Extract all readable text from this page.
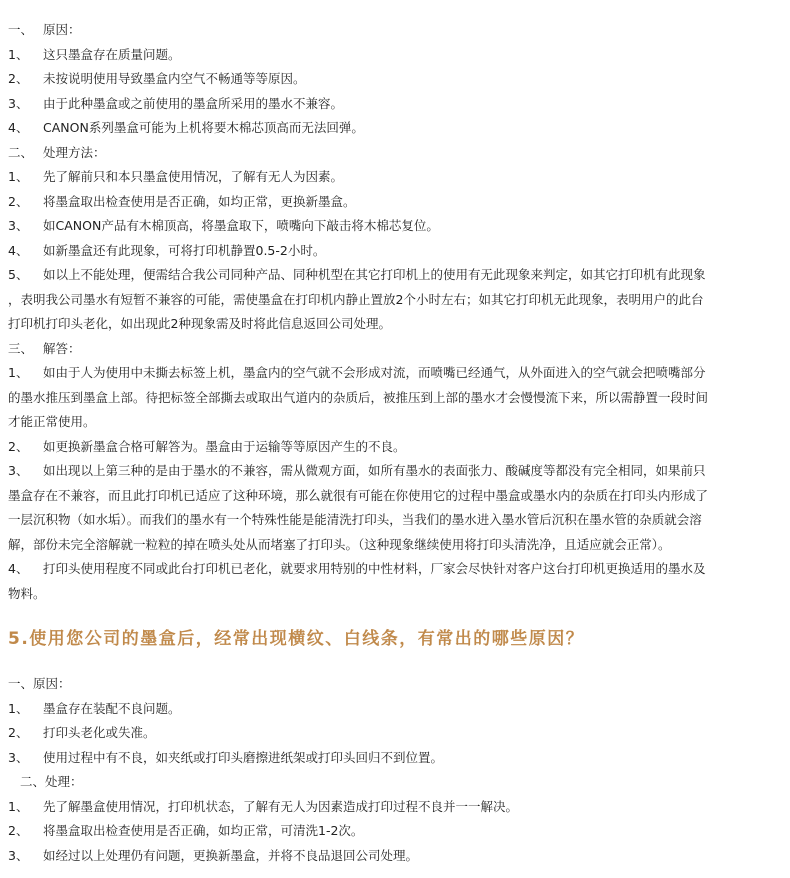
一、 原因：
1、 这只墨盒存在质量问题。
2、 未按说明使用导致墨盒内空气不畅通等等原因。
3、 由于此种墨盒或之前使用的墨盒所采用的墨水不兼容。
4、 CANON系列墨盒可能为上机将要木棉芯顶高而无法回弹。
二、 处理方法：
1、 先了解前只和本只墨盒使用情况，了解有无人为因素。
2、 将墨盒取出检查使用是否正确，如均正常，更换新墨盒。
3、 如CANON产品有木棉顶高，将墨盒取下，喷嘴向下敲击将木棉芯复位。
4、 如新墨盒还有此现象，可将打印机静置0.5-2小时。
5、	如以上不能处理，便需结合我公司同种产品、同种机型在其它打印机上的使用有无此现象来判定，如其它打印机有此现象
，表明我公司墨水有短暂不兼容的可能，需使墨盒在打印机内静止置放2个小时左右；如其它打印机无此现象，表明用户的此台
打印机打印头老化，如出现此2种现象需及时将此信息返回公司处理。
三、 解答：
1、	如由于人为使用中未撕去标签上机，墨盒内的空气就不会形成对流，而喷嘴已经通气，从外面进入的空气就会把喷嘴部分
的墨水推压到墨盒上部。待把标签全部撕去或取出气道内的杂质后，被推压到上部的墨水才会慢慢流下来，所以需静置一段时间
才能正常使用。
2、 如更换新墨盒合格可解答为。墨盒由于运输等等原因产生的不良。
3、	如出现以上第三种的是由于墨水的不兼容，需从微观方面，如所有墨水的表面张力、酸碱度等都没有完全相同，如果前只
墨盒存在不兼容，而且此打印机已适应了这种环境，那么就很有可能在你使用它的过程中墨盒或墨水内的杂质在打印头内形成了
一层沉积物（如水垢）。而我们的墨水有一个特殊性能是能清洗打印头，当我们的墨水进入墨水管后沉积在墨水管的杂质就会溶
解，部份未完全溶解就一粒粒的掉在喷头处从而堵塞了打印头。（这种现象继续使用将打印头清洗净，且适应就会正常）。
4、	打印头使用程度不同或此台打印机已老化，就要求用特别的中性材料，厂家会尽快针对客户这台打印机更换适用的墨水及
物料。
5.使用您公司的墨盒后，经常出现横纹、白线条，有常出的哪些原因？
一、原因：
1、 墨盒存在装配不良问题。
2、 打印头老化或失准。
3、 使用过程中有不良，如夹纸或打印头磨擦进纸架或打印头回归不到位置。
二、处理：
1、 先了解墨盒使用情况，打印机状态，了解有无人为因素造成打印过程不良并一一解决。
2、 将墨盒取出检查使用是否正确，如均正常，可清洗1-2次。
3、 如经过以上处理仍有问题，更换新墨盒，并将不良品退回公司处理。
